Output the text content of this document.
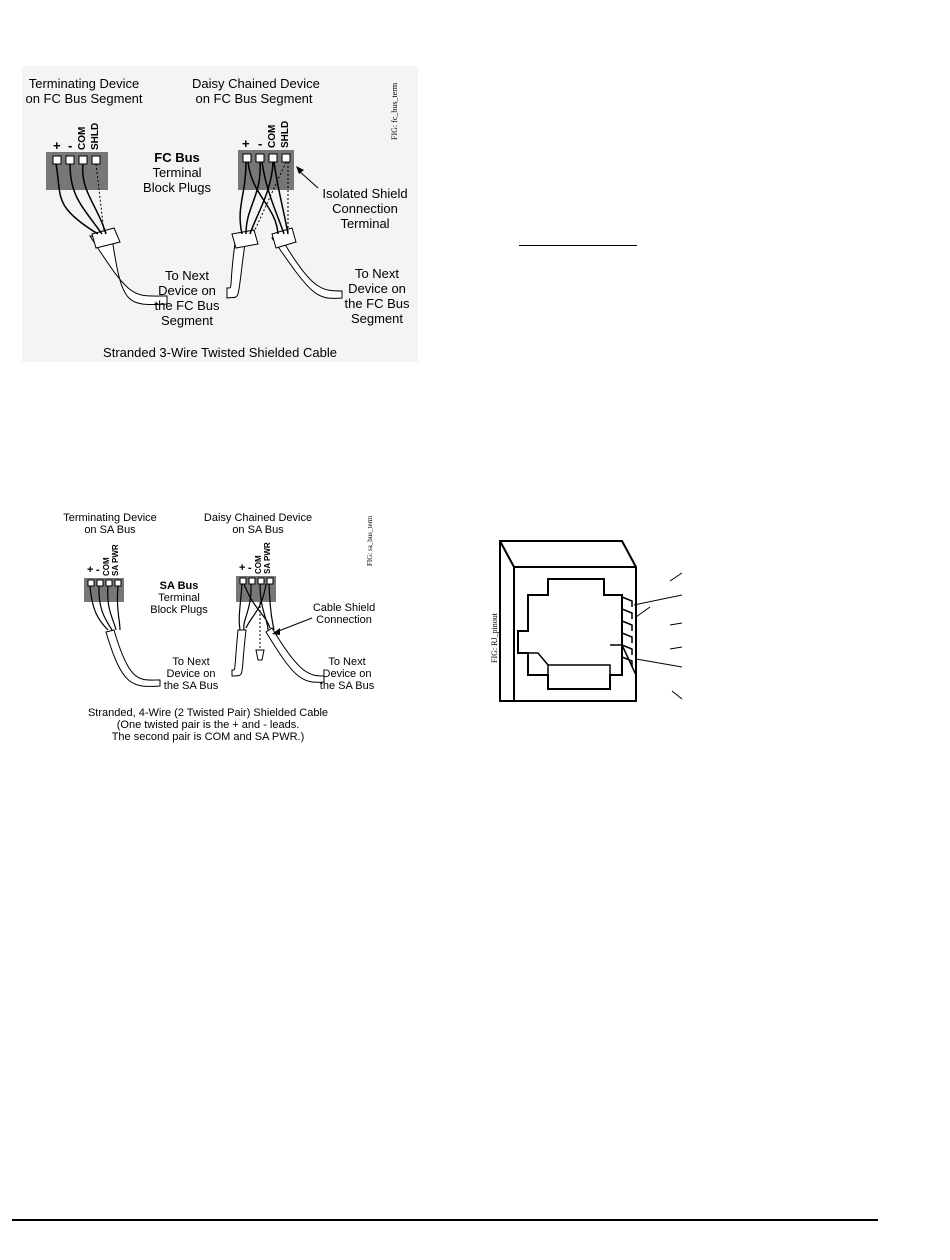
Terminating Device
on FC Bus Segment
Daisy Chained Device
on FC Bus Segment
+ - COM SHLD	+ - COM SHLD
FC Bus
Terminal
Block Plugs	Isolated Shield
Connection
Terminal
To Next
Device on
the FC Bus
Segment
To Next
Device on
the FC Bus
Segment
Stranded 3-Wire Twisted Shielded Cable
FIG: fc_bus_term
Terminating Device
on SA Bus
Daisy Chained Device
on SA Bus
+ - COM SA PWR	+ - COM SA PWR
SA Bus
Terminal
Block Plugs	Cable Shield
Connection
To Next
Device on
the SA Bus
To Next
Device on
the SA Bus
Stranded, 4-Wire (2 Twisted Pair) Shielded Cable
(One twisted pair is the + and - leads.
The second pair is COM and SA PWR.)
FIG: sa_bus_term
FIG: RJ_pinout
